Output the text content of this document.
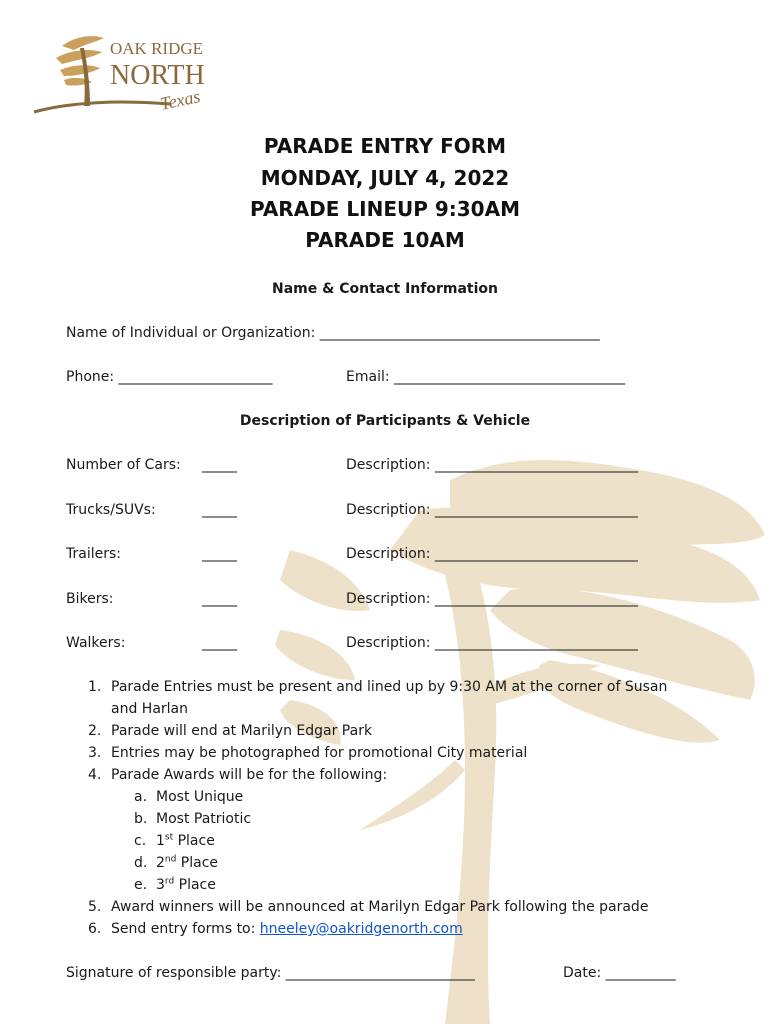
OAK RIDGE
NORTH
Texas
PARADE ENTRY FORM
MONDAY, JULY 4, 2022
PARADE LINEUP 9:30AM
PARADE 10AM
Name & Contact Information
Name of Individual or Organization: ________________________________________
Phone: ______________________	Email: _________________________________
Description of Participants & Vehicle
Number of Cars: _____	Description: _____________________________
Trucks/SUVs:	_____	Description: _____________________________
Trailers:	_____	Description: _____________________________
Bikers:	_____	Description: _____________________________
Walkers:	_____	Description: _____________________________
1. Parade Entries must be present and lined up by 9:30 AM at the corner of Susan and Harlan
2. Parade will end at Marilyn Edgar Park
3. Entries may be photographed for promotional City material
4. Parade Awards will be for the following:
a. Most Unique
b. Most Patriotic
c. 1st Place
d. 2nd Place
e. 3rd Place
5. Award winners will be announced at Marilyn Edgar Park following the parade
6. Send entry forms to: hneeley@oakridgenorth.com
Signature of responsible party: ___________________________	Date: __________
